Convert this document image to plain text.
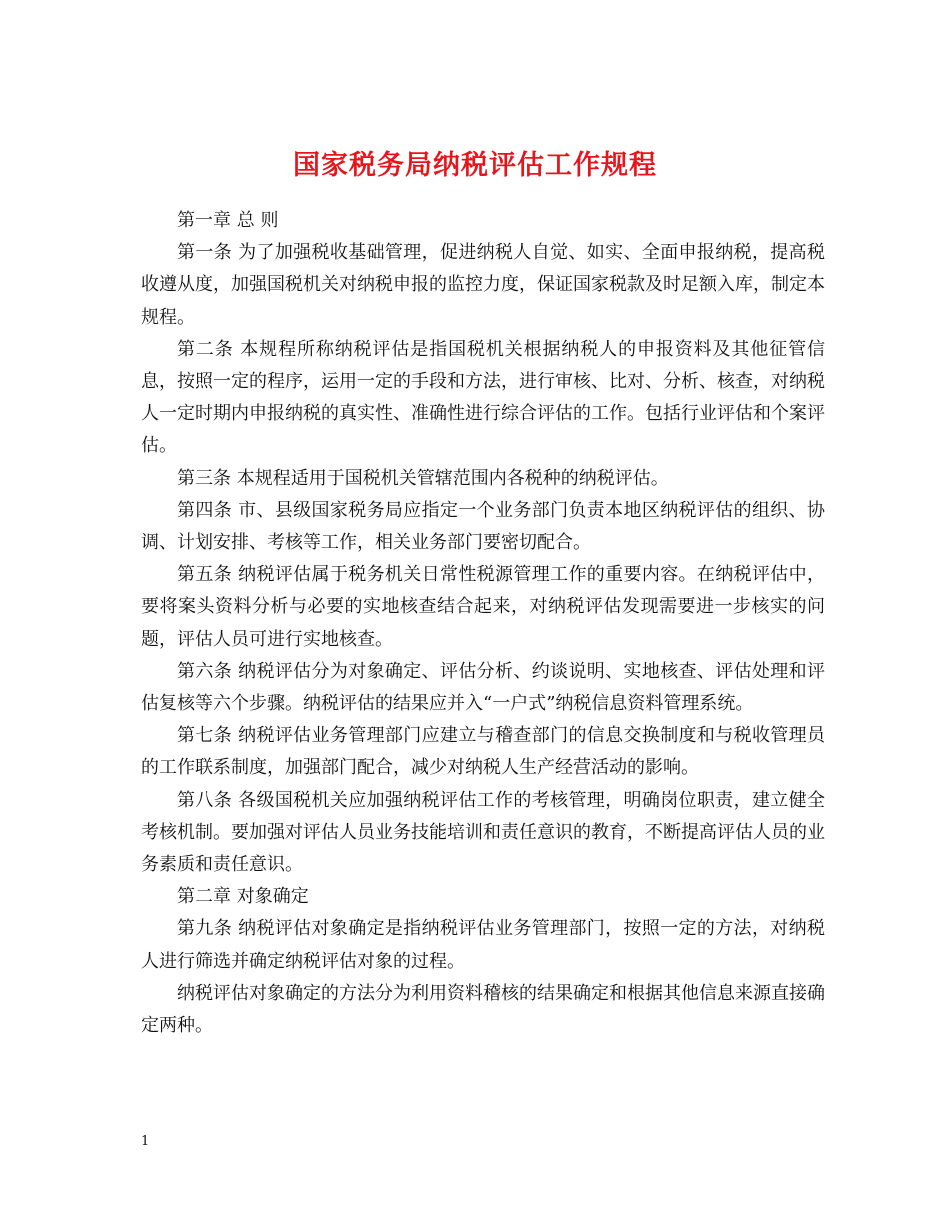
国家税务局纳税评估工作规程

第一章 总 则

第一条 为了加强税收基础管理，促进纳税人自觉、如实、全面申报纳税，提高税收遵从度，加强国税机关对纳税申报的监控力度，保证国家税款及时足额入库，制定本规程。

第二条 本规程所称纳税评估是指国税机关根据纳税人的申报资料及其他征管信息，按照一定的程序，运用一定的手段和方法，进行审核、比对、分析、核查，对纳税人一定时期内申报纳税的真实性、准确性进行综合评估的工作。包括行业评估和个案评估。

第三条 本规程适用于国税机关管辖范围内各税种的纳税评估。

第四条 市、县级国家税务局应指定一个业务部门负责本地区纳税评估的组织、协调、计划安排、考核等工作，相关业务部门要密切配合。

第五条 纳税评估属于税务机关日常性税源管理工作的重要内容。在纳税评估中，要将案头资料分析与必要的实地核查结合起来，对纳税评估发现需要进一步核实的问题，评估人员可进行实地核查。

第六条 纳税评估分为对象确定、评估分析、约谈说明、实地核查、评估处理和评估复核等六个步骤。纳税评估的结果应并入“一户式”纳税信息资料管理系统。

第七条 纳税评估业务管理部门应建立与稽查部门的信息交换制度和与税收管理员的工作联系制度，加强部门配合，减少对纳税人生产经营活动的影响。

第八条 各级国税机关应加强纳税评估工作的考核管理，明确岗位职责，建立健全考核机制。要加强对评估人员业务技能培训和责任意识的教育，不断提高评估人员的业务素质和责任意识。

第二章 对象确定

第九条 纳税评估对象确定是指纳税评估业务管理部门，按照一定的方法，对纳税人进行筛选并确定纳税评估对象的过程。

纳税评估对象确定的方法分为利用资料稽核的结果确定和根据其他信息来源直接确定两种。

1
